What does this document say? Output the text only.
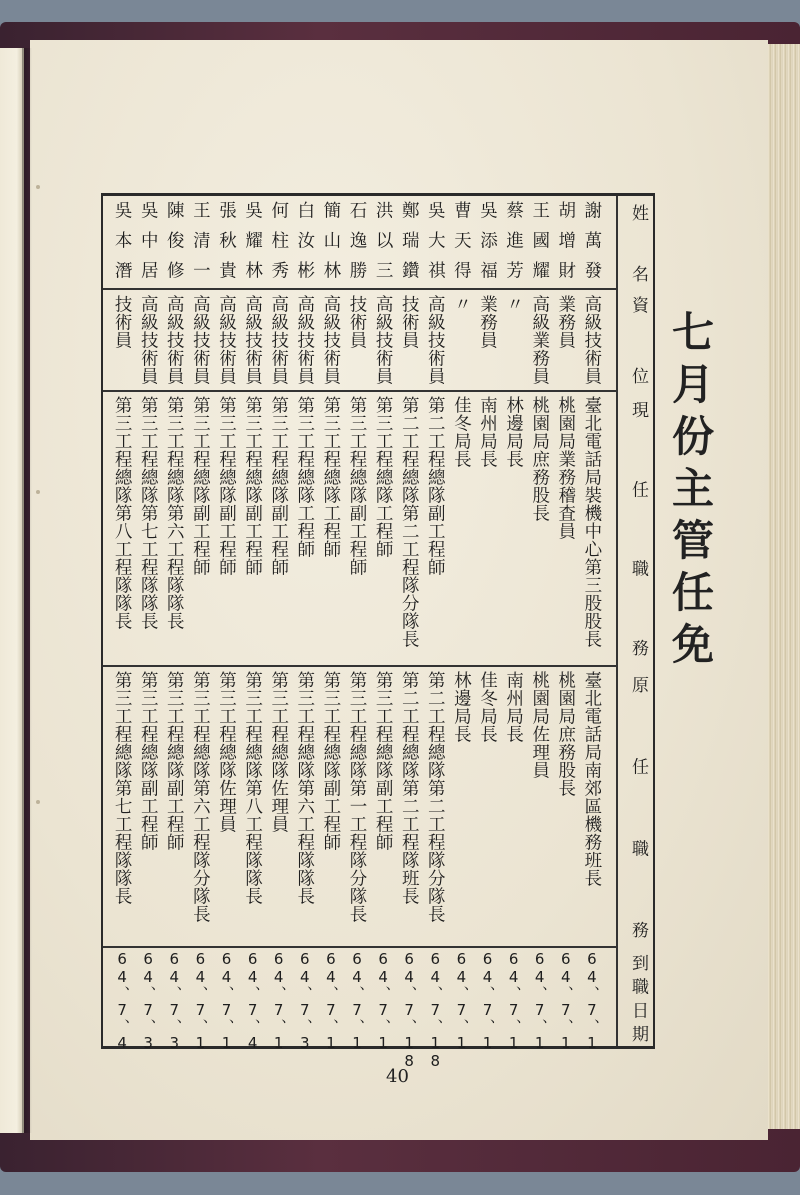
七月份主管任免
姓名
資位
現任職務
原任職務
到職日期
謝萬發
高級技術員
臺北電話局裝機中心第三股股長
臺北電話局南郊區機務班長
64、7、1
胡增財
業務員
桃園局業務稽査員
桃園局庶務股長
64、7、1
王國耀
高級業務員
桃園局庶務股長
桃園局佐理員
64、7、1
蔡進芳
〃
林邊局長
南州局長
64、7、1
吳添福
業務員
南州局長
佳冬局長
64、7、1
曹天得
〃
佳冬局長
林邊局長
64、7、1
吳大祺
高級技術員
第二工程總隊副工程師
第二工程總隊第二工程隊分隊長
64、7、18
鄭瑞鑽
技術員
第二工程總隊第二工程隊分隊長
第二工程總隊第二工程隊班長
64、7、18
洪以三
高級技術員
第三工程總隊工程師
第三工程總隊副工程師
64、7、1
石逸勝
技術員
第三工程總隊副工程師
第三工程總隊第一工程隊分隊長
64、7、1
簡山林
高級技術員
第三工程總隊工程師
第三工程總隊副工程師
64、7、1
白汝彬
高級技術員
第三工程總隊工程師
第三工程總隊第六工程隊隊長
64、7、3
何柱秀
高級技術員
第三工程總隊副工程師
第三工程總隊佐理員
64、7、1
吳耀林
高級技術員
第三工程總隊副工程師
第三工程總隊第八工程隊隊長
64、7、4
張秋貴
高級技術員
第三工程總隊副工程師
第三工程總隊佐理員
64、7、1
王清一
高級技術員
第三工程總隊副工程師
第三工程總隊第六工程隊分隊長
64、7、1
陳俊修
高級技術員
第三工程總隊第六工程隊隊長
第三工程總隊副工程師
64、7、3
吳中居
高級技術員
第三工程總隊第七工程隊隊長
第三工程總隊副工程師
64、7、3
吳本潛
技術員
第三工程總隊第八工程隊隊長
第三工程總隊第七工程隊隊長
64、7、4
40
